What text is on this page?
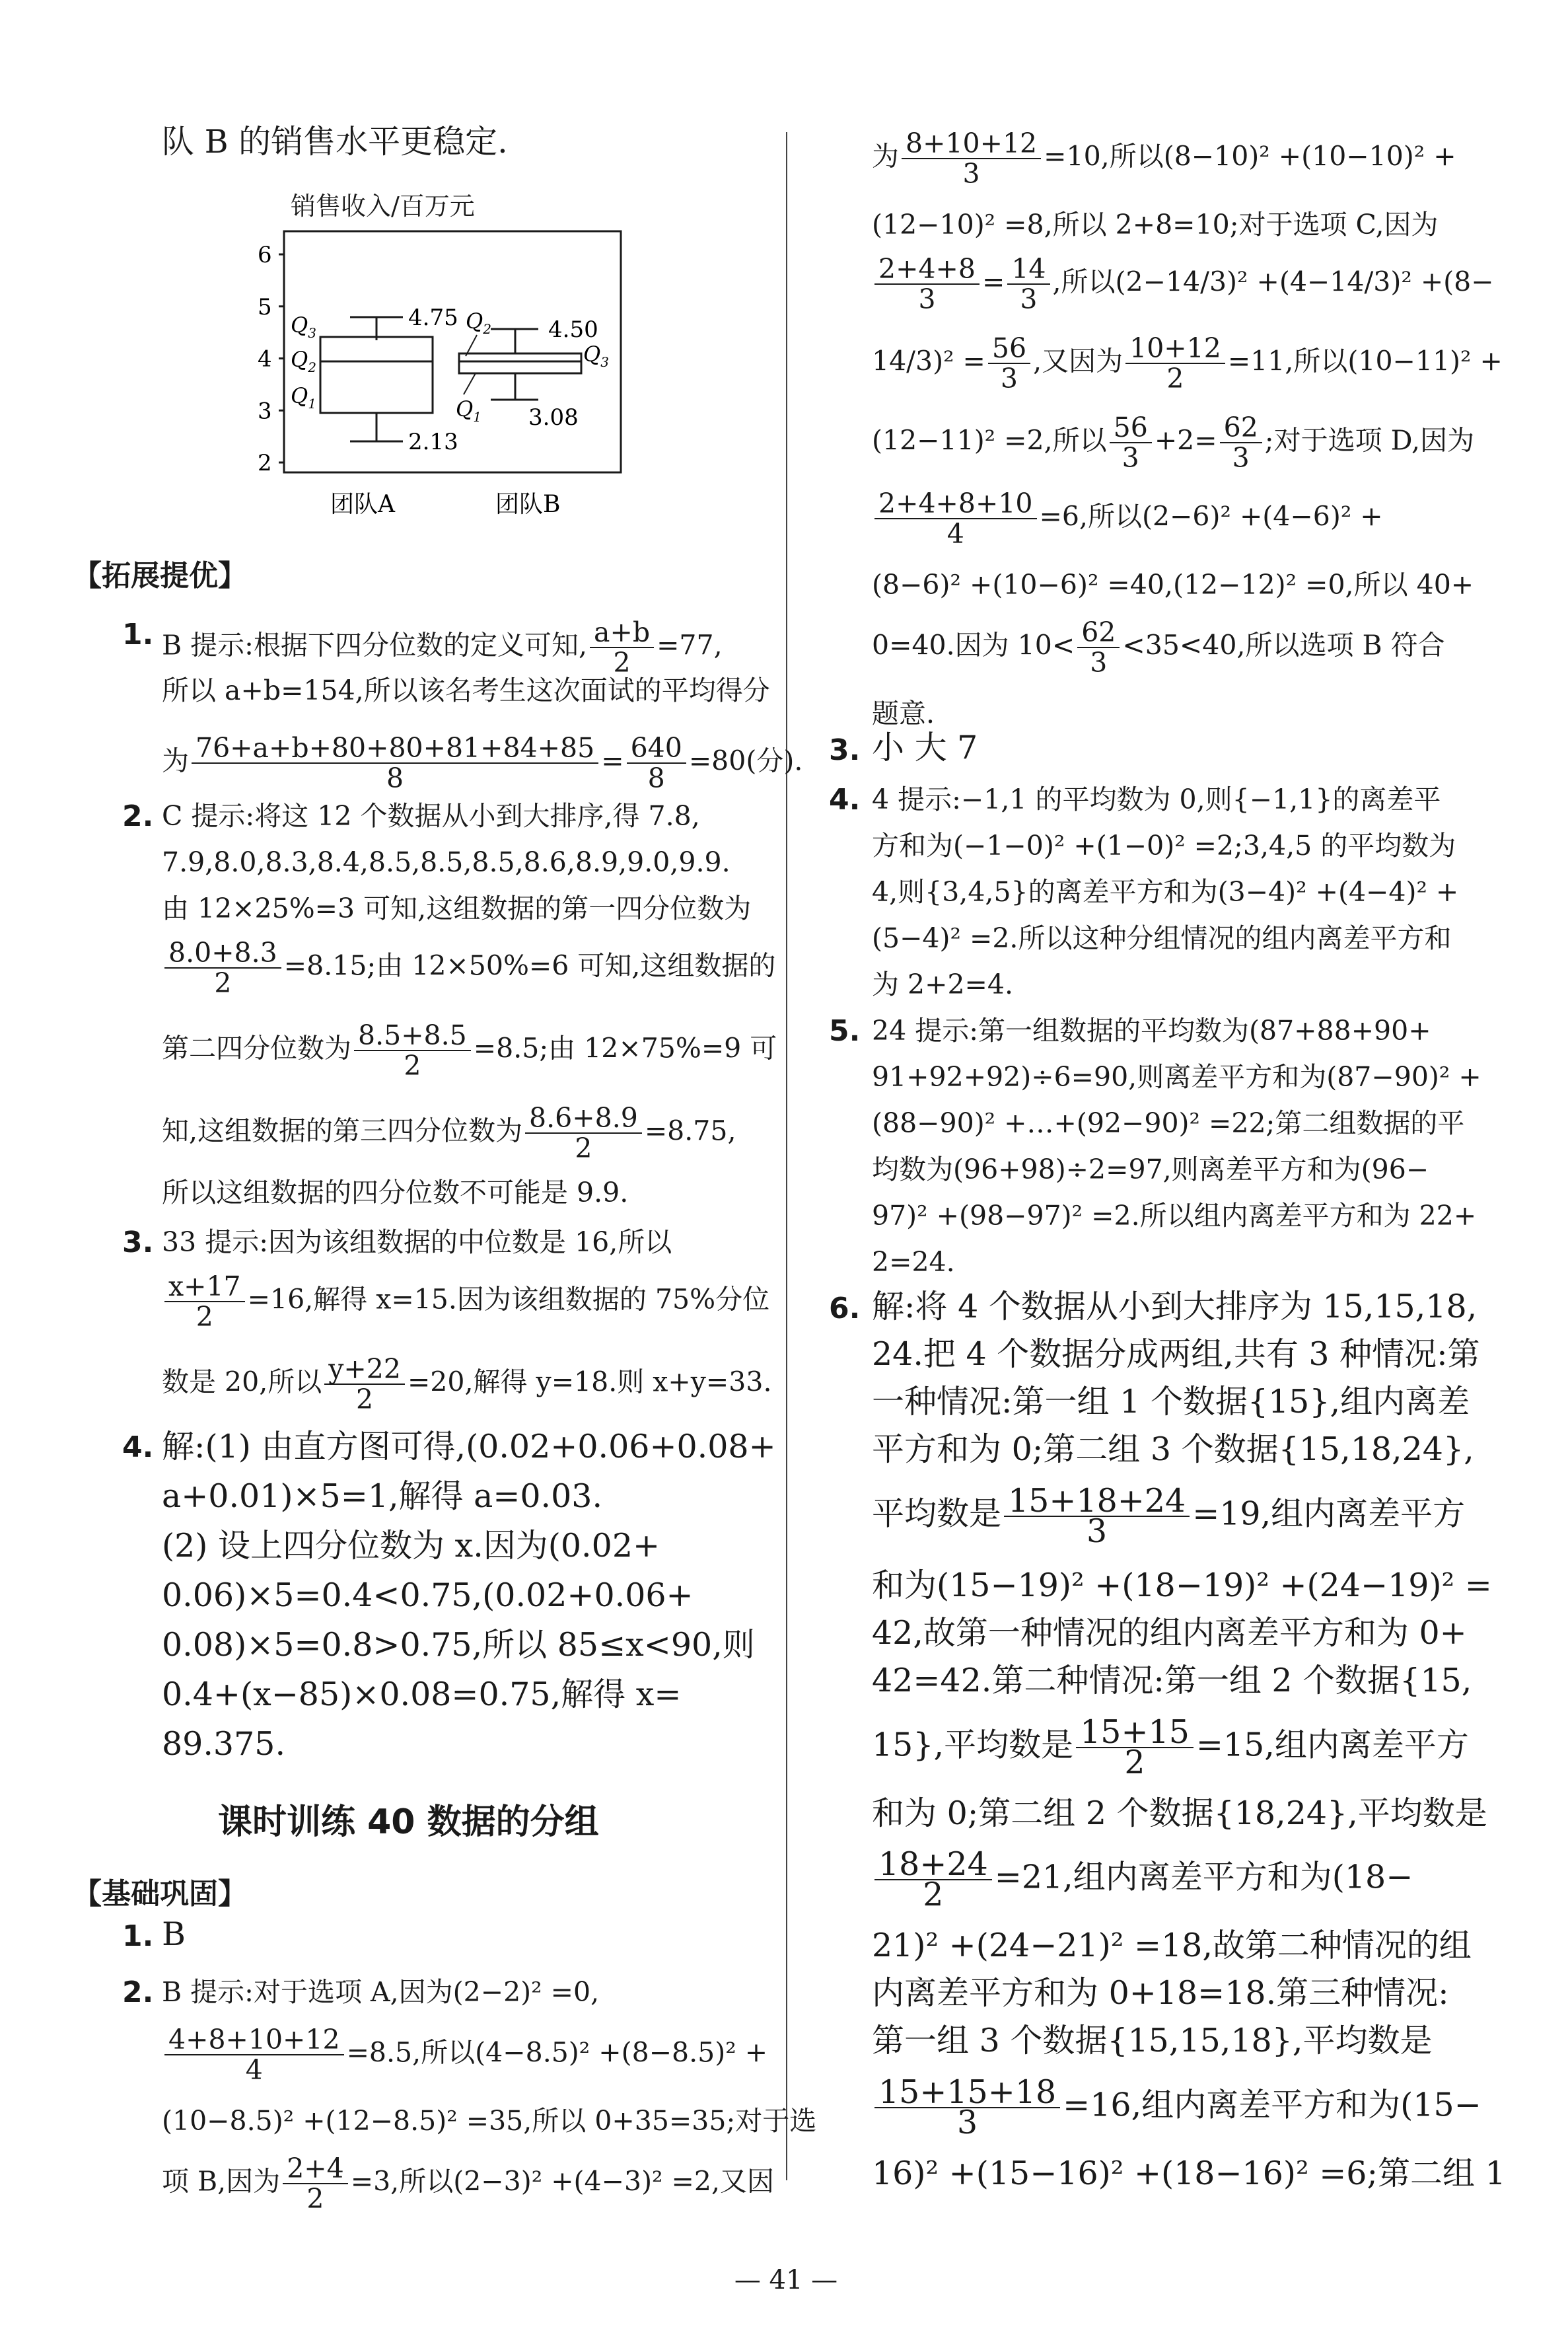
队 B 的销售水平更稳定.
销售收入/百万元
2
3
4
5
6
4.75
2.13
$Q_3$
$Q_2$
$Q_1$
4.50
3.08
$Q_2$
$Q_3$
$Q_1$
团队A	团队B
【拓展提优】
1. B 提示:根据下四分位数的定义可知, $\frac{a+b}{2} =77$,
所以 a+b=154,所以该名考生这次面试的平均得分
为 $\frac{76+a+b+80+80+81+84+85}{8} = \frac{640}{8} =80$(分).
2. C 提示:将这 12 个数据从小到大排序,得 7.8,
7.9,8.0,8.3,8.4,8.5,8.5,8.5,8.6,8.9,9.0,9.9.
由 12×25%=3 可知,这组数据的第一四分位数为
$\frac{8.0+8.3}{2} =8.15$;由 12×50%=6 可知,这组数据的
第二四分位数为 $\frac{8.5+8.5}{2} =8.5$;由 12×75%=9 可
知,这组数据的第三四分位数为 $\frac{8.6+8.9}{2} =8.75$,
所以这组数据的四分位数不可能是 9.9.
3. 33 提示:因为该组数据的中位数是 16,所以
$\frac{x+17}{2} =16$,解得 x=15.因为该组数据的 75%分位
数是 20,所以 $\frac{y+22}{2} =20$,解得 y=18.则 x+y=33.
4. 解:(1) 由直方图可得,(0.02+0.06+0.08+
a+0.01)×5=1,解得 a=0.03.
(2) 设上四分位数为 x.因为(0.02+
0.06)×5=0.4<0.75,(0.02+0.06+
0.08)×5=0.8>0.75,所以 85≤x<90,则
0.4+(x−85)×0.08=0.75,解得 x=
89.375.
课时训练 40 数据的分组
【基础巩固】
1. B
2. B 提示:对于选项 A,因为(2−2)² =0,
$\frac{4+8+10+12}{4} =8.5$,所以(4−8.5)² +(8−8.5)² +
(10−8.5)² +(12−8.5)² =35,所以 0+35=35;对于选
项 B,因为 $\frac{2+4}{2} =3$,所以(2−3)² +(4−3)² =2,又因
为 $\frac{8+10+12}{3} =10$,所以(8−10)² +(10−10)² +
(12−10)² =8,所以 2+8=10;对于选项 C,因为
$\frac{2+4+8}{3} = \frac{14}{3}$ ,所以(2−14/3)² +(4−14/3)² +(8−
$14/3)^2 = \frac{56}{3}$ ,又因为 $\frac{10+12}{2} =11$,所以(10−11)² +
(12−11)² =2,所以 $\frac{56}{3} +2= \frac{62}{3}$ ;对于选项 D,因为
$\frac{2+4+8+10}{4} =6$,所以(2−6)² +(4−6)² +
(8−6)² +(10−6)² =40,(12−12)² =0,所以 40+
0=40.因为 $10< \frac{62}{3} <35<40$,所以选项 B 符合
题意.
3. 小 大 7
4. 4 提示:−1,1 的平均数为 0,则{−1,1}的离差平
方和为(−1−0)² +(1−0)² =2;3,4,5 的平均数为
4,则{3,4,5}的离差平方和为(3−4)² +(4−4)² +
(5−4)² =2.所以这种分组情况的组内离差平方和
为 2+2=4.
5. 24 提示:第一组数据的平均数为(87+88+90+
91+92+92)÷6=90,则离差平方和为(87−90)² +
(88−90)² +…+(92−90)² =22;第二组数据的平
均数为(96+98)÷2=97,则离差平方和为(96−
97)² +(98−97)² =2.所以组内离差平方和为 22+
2=24.
6. 解:将 4 个数据从小到大排序为 15,15,18,
24.把 4 个数据分成两组,共有 3 种情况:第
一种情况:第一组 1 个数据{15},组内离差
平方和为 0;第二组 3 个数据{15,18,24},
平均数是 $\frac{15+18+24}{3} =19$,组内离差平方
和为(15−19)² +(18−19)² +(24−19)² =
42,故第一种情况的组内离差平方和为 0+
42=42.第二种情况:第一组 2 个数据{15,
15},平均数是 $\frac{15+15}{2} =15$,组内离差平方
和为 0;第二组 2 个数据{18,24},平均数是
$\frac{18+24}{2} =21$,组内离差平方和为(18−
21)² +(24−21)² =18,故第二种情况的组
内离差平方和为 0+18=18.第三种情况:
第一组 3 个数据{15,15,18},平均数是
$\frac{15+15+18}{3} =16$,组内离差平方和为(15−
16)² +(15−16)² +(18−16)² =6;第二组 1
— 41 —
